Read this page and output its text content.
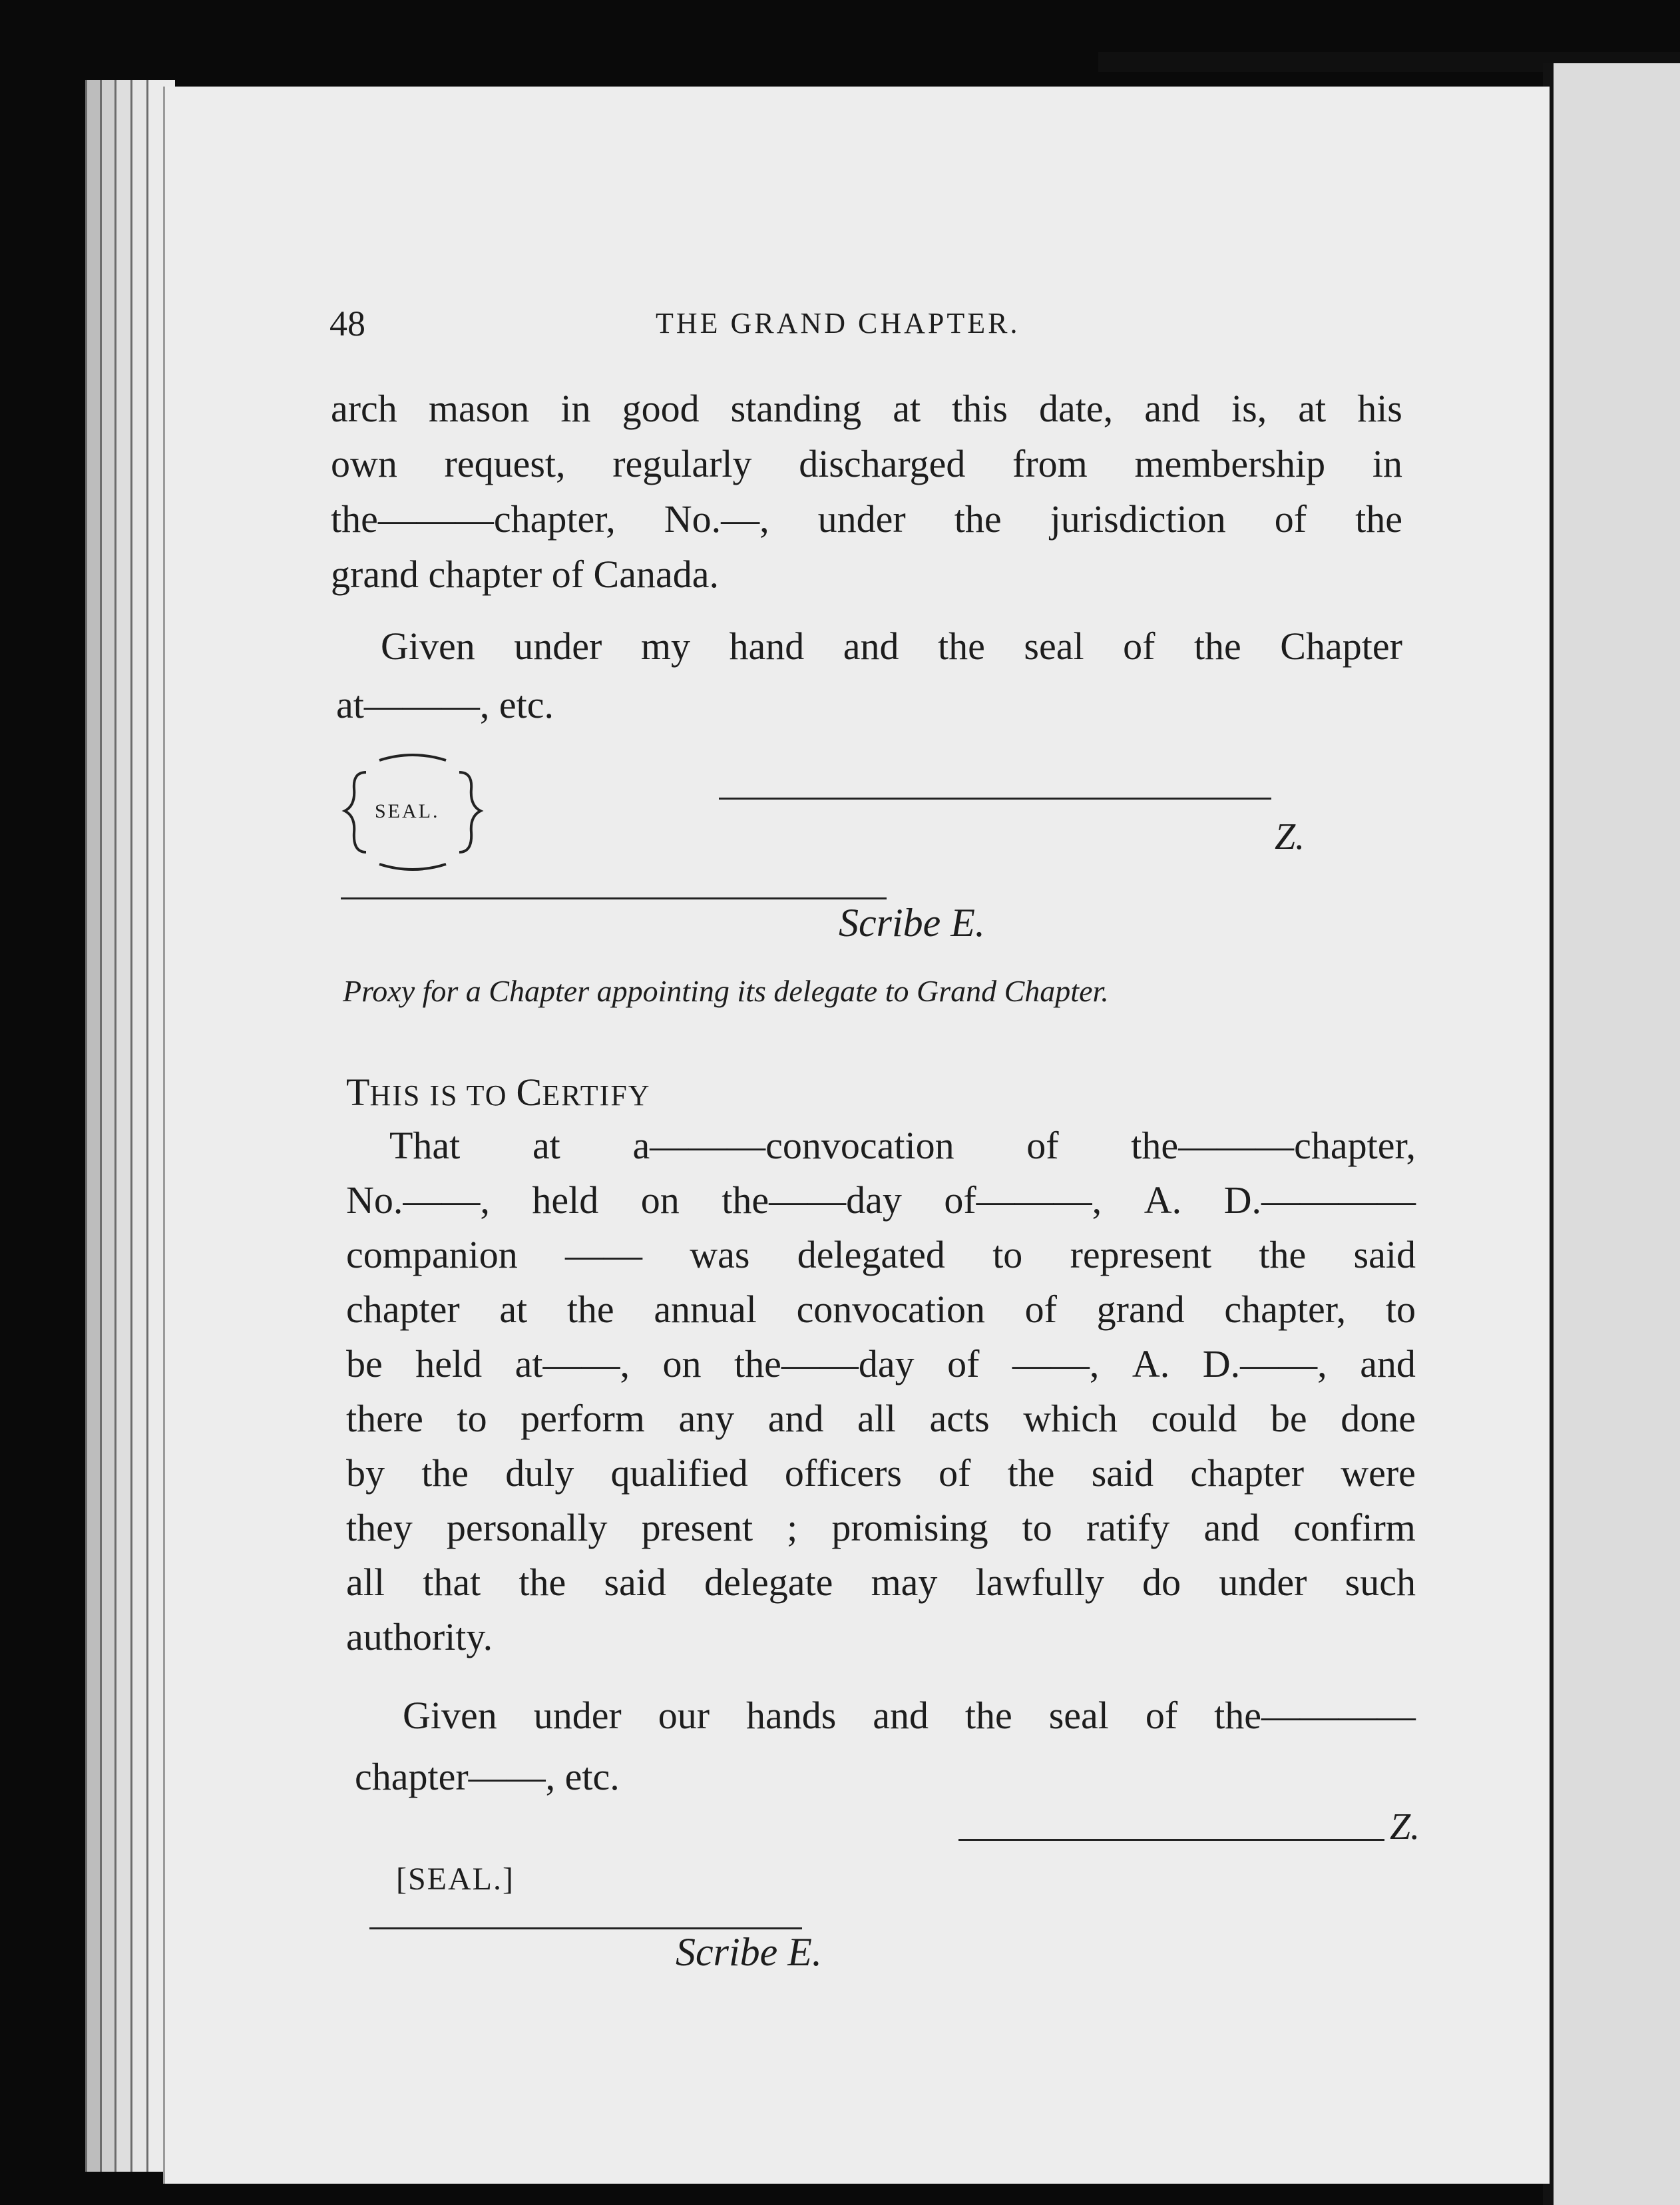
48	THE GRAND CHAPTER.
arch mason in good standing at this date, and is, at his
own request, regularly discharged from membership in
the———chapter, No.—, under the jurisdiction of the
grand chapter of Canada.
Given under my hand and the seal of the Chapter
at———, etc.
SEAL.
Z.
Scribe E.
Proxy for a Chapter appointing its delegate to Grand Chapter.
THIS IS TO CERTIFY
That at a———convocation of the———chapter,
No.——, held on the——day of———, A. D.————
companion —— was delegated to represent the said
chapter at the annual convocation of grand chapter, to
be held at——, on the——day of ——, A. D.——, and
there to perform any and all acts which could be done
by the duly qualified officers of the said chapter were
they personally present ; promising to ratify and confirm
all that the said delegate may lawfully do under such
authority.
Given under our hands and the seal of the————
chapter——, etc.
Z.
[SEAL.]
Scribe E.
